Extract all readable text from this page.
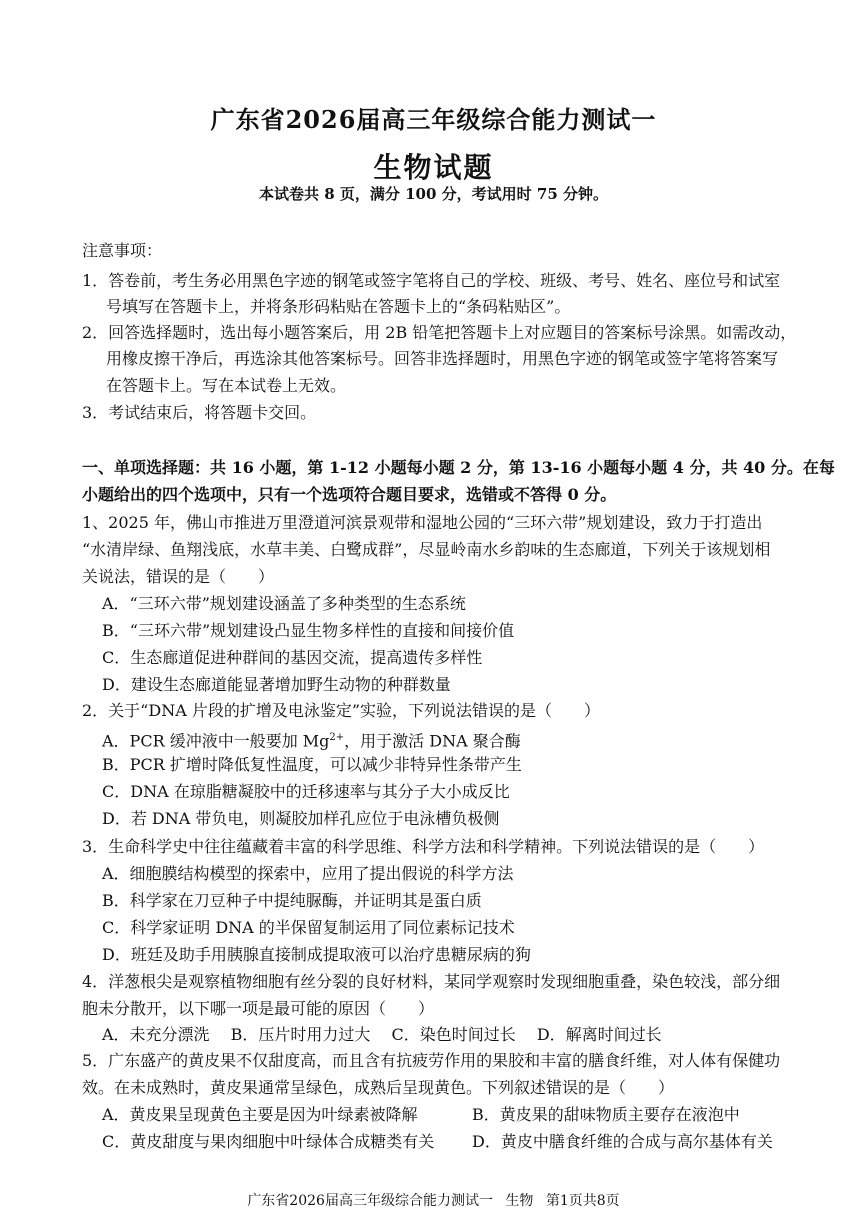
广东省2026届高三年级综合能力测试一
生物试题
本试卷共 8 页，满分 100 分，考试用时 75 分钟。
注意事项：
1．答卷前，考生务必用黑色字迹的钢笔或签字笔将自己的学校、班级、考号、姓名、座位号和试室
号填写在答题卡上，并将条形码粘贴在答题卡上的“条码粘贴区”。
2．回答选择题时，选出每小题答案后，用 2B 铅笔把答题卡上对应题目的答案标号涂黑。如需改动，
用橡皮擦干净后，再选涂其他答案标号。回答非选择题时，用黑色字迹的钢笔或签字笔将答案写
在答题卡上。写在本试卷上无效。
3．考试结束后，将答题卡交回。
一、单项选择题：共 16 小题，第 1-12 小题每小题 2 分，第 13-16 小题每小题 4 分，共 40 分。在每
小题给出的四个选项中，只有一个选项符合题目要求，选错或不答得 0 分。
1、2025 年，佛山市推进万里澄道河滨景观带和湿地公园的“三环六带”规划建设，致力于打造出
“水清岸绿、鱼翔浅底，水草丰美、白鹭成群”，尽显岭南水乡韵味的生态廊道，下列关于该规划相
关说法，错误的是（　　）
A．“三环六带”规划建设涵盖了多种类型的生态系统
B．“三环六带”规划建设凸显生物多样性的直接和间接价值
C．生态廊道促进种群间的基因交流，提高遗传多样性
D．建设生态廊道能显著增加野生动物的种群数量
2．关于“DNA 片段的扩增及电泳鉴定”实验，下列说法错误的是（　　）
A．PCR 缓冲液中一般要加 $Mg^{2+}$，用于激活 DNA 聚合酶
B．PCR 扩增时降低复性温度，可以减少非特异性条带产生
C．DNA 在琼脂糖凝胶中的迁移速率与其分子大小成反比
D．若 DNA 带负电，则凝胶加样孔应位于电泳槽负极侧
3．生命科学史中往往蕴藏着丰富的科学思维、科学方法和科学精神。下列说法错误的是（　　）
A．细胞膜结构模型的探索中，应用了提出假说的科学方法
B．科学家在刀豆种子中提纯脲酶，并证明其是蛋白质
C．科学家证明 DNA 的半保留复制运用了同位素标记技术
D．班廷及助手用胰腺直接制成提取液可以治疗患糖尿病的狗
4．洋葱根尖是观察植物细胞有丝分裂的良好材料，某同学观察时发现细胞重叠，染色较浅，部分细
胞未分散开，以下哪一项是最可能的原因（　　）
A．未充分漂洗　 B．压片时用力过大　 C．染色时间过长　 D．解离时间过长
5．广东盛产的黄皮果不仅甜度高，而且含有抗疲劳作用的果胶和丰富的膳食纤维，对人体有保健功
效。在未成熟时，黄皮果通常呈绿色，成熟后呈现黄色。下列叙述错误的是（　　）
A．黄皮果呈现黄色主要是因为叶绿素被降解	B．黄皮果的甜味物质主要存在液泡中
C．黄皮甜度与果肉细胞中叶绿体合成糖类有关 D．黄皮中膳食纤维的合成与高尔基体有关
广东省2026届高三年级综合能力测试一 生物 第1页共8页
